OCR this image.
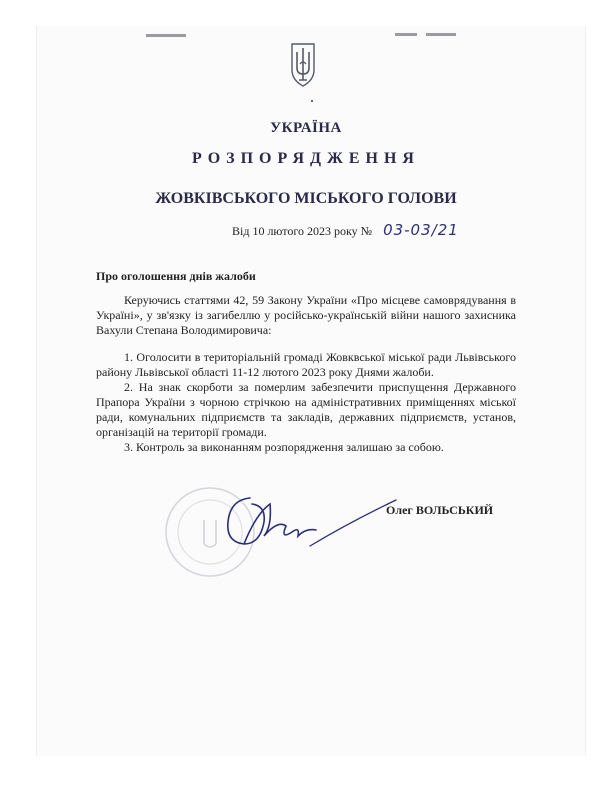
УКРАЇНА
РОЗПОРЯДЖЕННЯ
ЖОВКІВСЬКОГО МІСЬКОГО ГОЛОВИ
Від 10 лютого 2023 року № 03-03/21
Про оголошення днів жалоби
Керуючись статтями 42, 59 Закону України «Про місцеве самоврядування в Україні», у зв'язку із загибеллю у російсько-українській війни нашого захисника Вахули Степана Володимировича:

1. Оголосити в територіальній громаді Жовквської міської ради Львівського району Львівської області 11-12 лютого 2023 року Днями жалоби.

2. На знак скорботи за померлим забезпечити приспущення Державного Прапора України з чорною стрічкою на адміністративних приміщеннях міської ради, комунальних підприємств та закладів, державних підприємств, установ, організацій на території громади.

3. Контроль за виконанням розпорядження залишаю за собою.

Олег ВОЛЬСЬКИЙ
